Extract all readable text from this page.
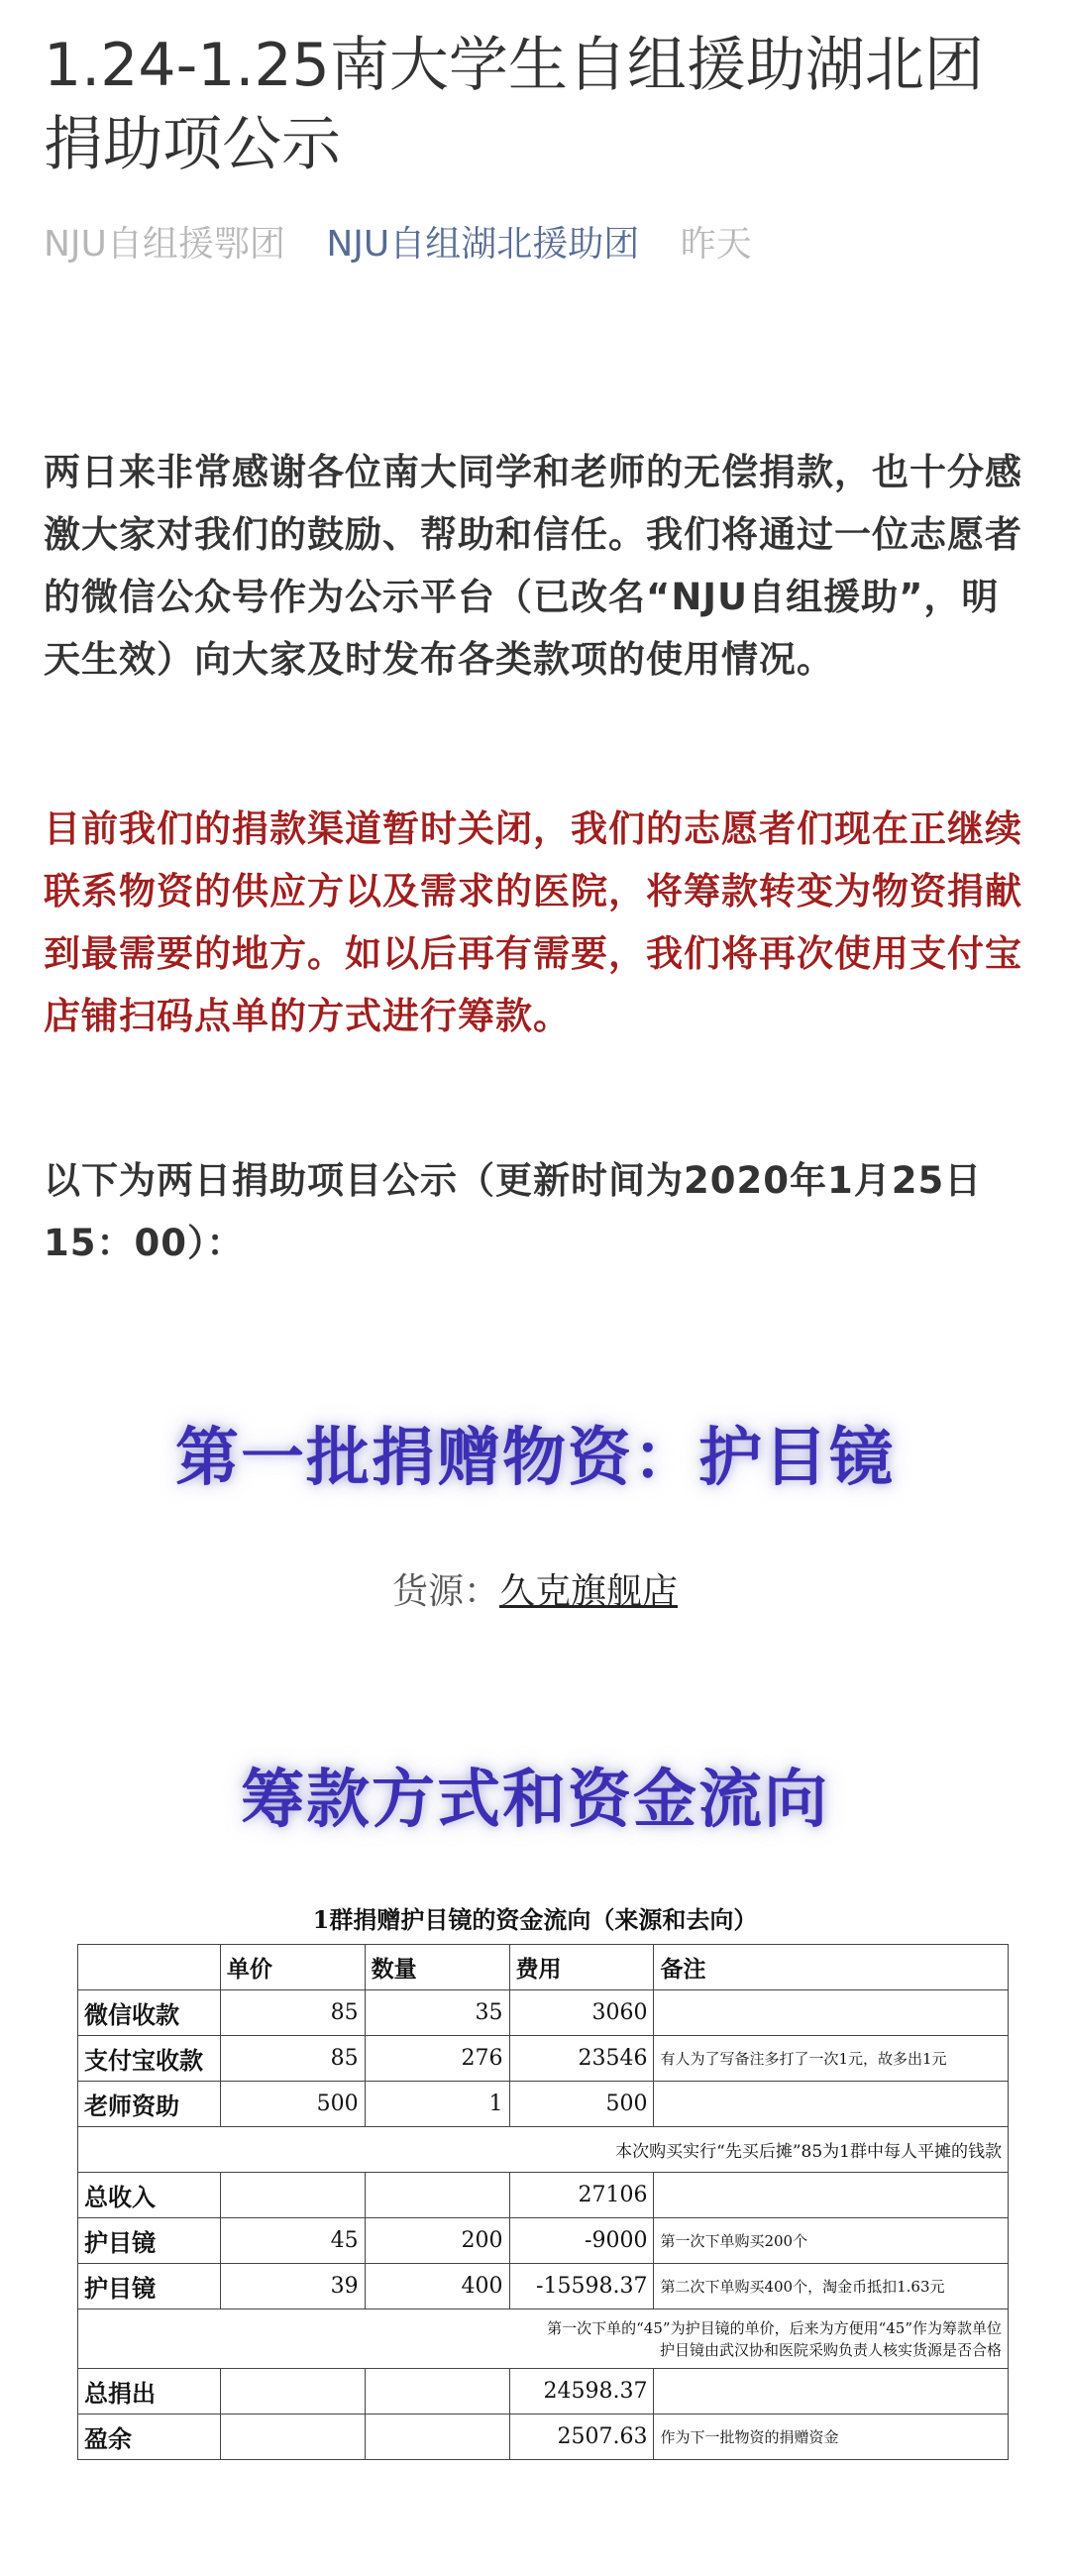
1.24-1.25南大学生自组援助湖北团捐助项公示
NJU自组援鄂团 NJU自组湖北援助团 昨天

两日来非常感谢各位南大同学和老师的无偿捐款，也十分感激大家对我们的鼓励、帮助和信任。我们将通过一位志愿者的微信公众号作为公示平台（已改名“NJU自组援助”，明天生效）向大家及时发布各类款项的使用情况。

目前我们的捐款渠道暂时关闭，我们的志愿者们现在正继续联系物资的供应方以及需求的医院，将筹款转变为物资捐献到最需要的地方。如以后再有需要，我们将再次使用支付宝店铺扫码点单的方式进行筹款。

以下为两日捐助项目公示（更新时间为2020年1月25日15：00）：

第一批捐赠物资：护目镜
货源：久克旗舰店
筹款方式和资金流向
1群捐赠护目镜的资金流向（来源和去向）
	单价	数量	费用	备注
微信收款	85	35	3060	
支付宝收款	85	276	23546	有人为了写备注多打了一次1元，故多出1元
老师资助	500	1	500	
本次购买实行“先买后摊”85为1群中每人平摊的钱款				
总收入			27106	
护目镜	45	200	-9000	第一次下单购买200个
护目镜	39	400	-15598.37	第二次下单购买400个，淘金币抵扣1.63元

第一次下单的“45”为护目镜的单价，后来为方便用“45”作为筹款单位
护目镜由武汉协和医院采购负责人核实货源是否合格				

总捐出			24598.37	
盈余			2507.63	作为下一批物资的捐赠资金
